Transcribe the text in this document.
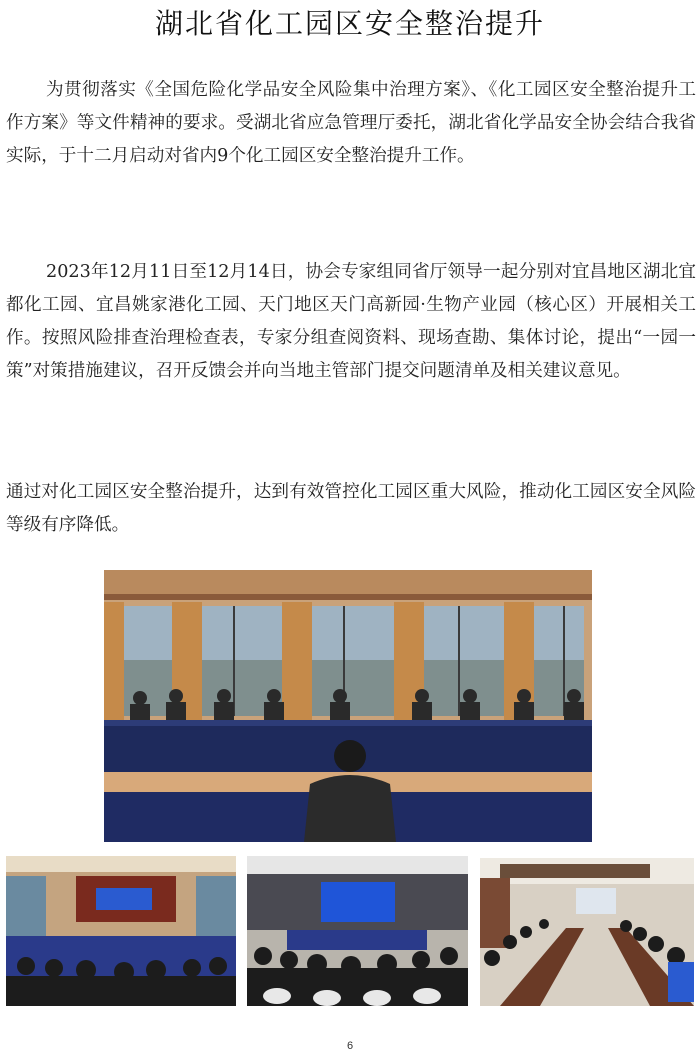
湖北省化工园区安全整治提升
为贯彻落实《全国危险化学品安全风险集中治理方案》、《化工园区安全整治提升工作方案》等文件精神的要求。受湖北省应急管理厅委托，湖北省化学品安全协会结合我省实际，于十二月启动对省内9个化工园区安全整治提升工作。
2023年12月11日至12月14日，协会专家组同省厅领导一起分别对宜昌地区湖北宜都化工园、宜昌姚家港化工园、天门地区天门高新园·生物产业园（核心区）开展相关工作。按照风险排查治理检查表，专家分组查阅资料、现场查勘、集体讨论，提出“一园一策”对策措施建议，召开反馈会并向当地主管部门提交问题清单及相关建议意见。
通过对化工园区安全整治提升，达到有效管控化工园区重大风险，推动化工园区安全风险等级有序降低。
6
